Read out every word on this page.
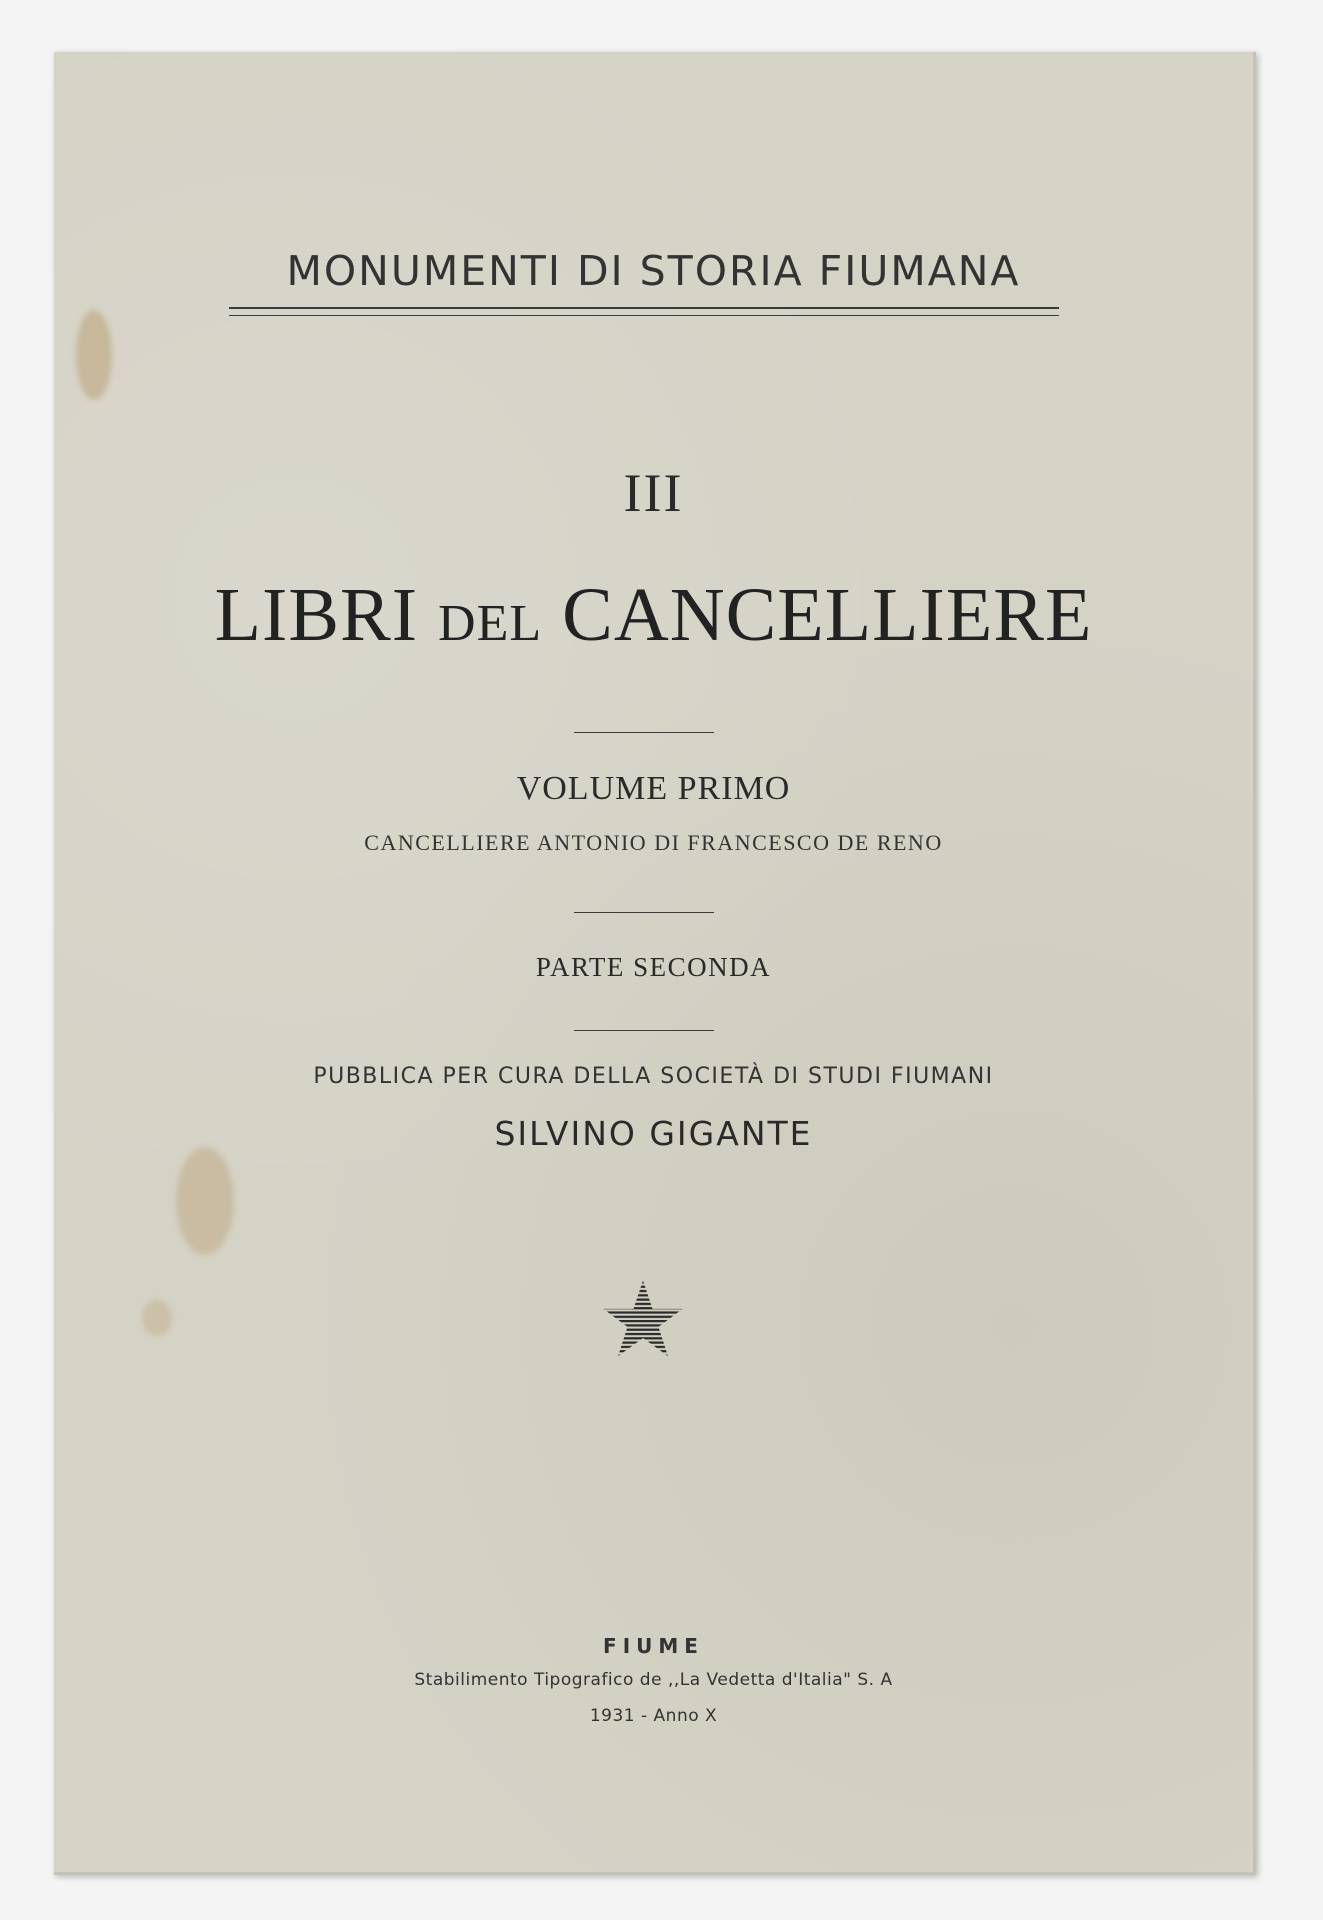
MONUMENTI DI STORIA FIUMANA
III
LIBRI DEL CANCELLIERE
VOLUME PRIMO
CANCELLIERE ANTONIO DI FRANCESCO DE RENO
PARTE SECONDA
PUBBLICA PER CURA DELLA SOCIETÀ DI STUDI FIUMANI
SILVINO GIGANTE
FIUME
Stabilimento Tipografico de ,,La Vedetta d'Italia" S. A
1931 - Anno X
